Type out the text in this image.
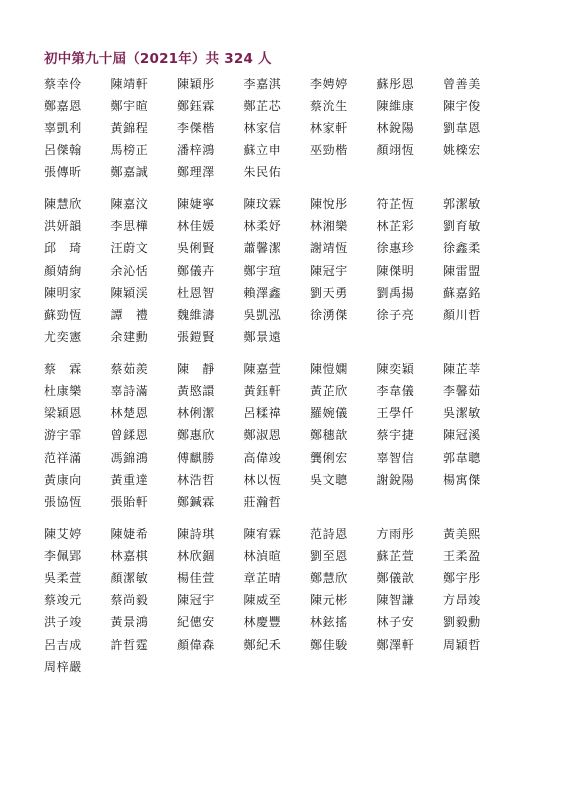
初中第九十屆（2021年）共 324 人
蔡幸伶	陳靖軒	陳穎彤	李嘉淇	李娉婷	蘇彤恩	曾善美
鄭嘉恩	鄭宇暄	鄭鈺霖	鄭芷芯	蔡沇生	陳維康	陳宇俊
辜凱利	黃錦程	李傑楷	林家信	林家軒	林銳陽	劉韋恩
呂傑翰	馬榜正	潘梓鴻	蘇立申	巫勁楷	顏翊恆	姚檪宏
張傳昕	鄭嘉誠	鄭理澤	朱民佑
陳慧欣	陳嘉汶	陳婕寧	陳玟霖	陳悅彤	符芷恆	郭潔敏
洪妍韻	李思樺	林佳媛	林柔妤	林湘樂	林芷彩	劉育敏
邱　琦	汪蔚文	吳俐賢	蕭馨潔	謝靖恆	徐惠珍	徐鑫柔
顏婧絢	余沁恬	鄭儀卉	鄭宇瑄	陳冠宇	陳傑明	陳雷盟
陳明家	陳穎渓	杜恩智	賴澤鑫	劉天勇	劉禹揚	蘇嘉銘
蘇勁恆	譚　禮	魏維濤	吳凱泓	徐湧傑	徐子亮	顏川哲
尤奕憲	余建勳	張鎧賢	鄭景遠
蔡　霖	蔡茹羨	陳　靜	陳嘉萱	陳愷嫻	陳奕穎	陳芷莘
杜康樂	辜詩滿	黃愍譞	黃鈺軒	黃芷欣	李韋儀	李馨茹
梁穎恩	林楚恩	林俐潔	呂糅禕	羅婉儀	王學仟	吳潔敏
游宇霏	曾鍒恩	鄭惠欣	鄭淑恩	鄭穗歆	蔡宇捷	陳冠溪
范祥滿	馮錦鴻	傅麒勝	高偉竣	龔俐宏	辜智信	郭韋聰
黃康向	黃重達	林浩哲	林以恆	吳文聰	謝銳陽	楊寓傑
張協恆	張貽軒	鄭鍼霖	莊瀚哲
陳艾婷	陳婕希	陳詩琪	陳宥霖	范詩恩	方雨彤	黃美熙
李佩郢	林嘉棋	林欣錮	林湞暄	劉至恩	蘇芷萱	王柔盈
吳柔萱	顏潔敏	楊佳萱	章芷晴	鄭慧欣	鄭儀歆	鄭宇彤
蔡竣元	蔡尚毅	陳冠宇	陳威至	陳元彬	陳智謙	方昂竣
洪子竣	黃景鴻	紀僡安	林慶豐	林鉉搖	林子安	劉毅勳
呂吉成	許哲霆	顏偉森	鄭紀禾	鄭佳駿	鄭澤軒	周穎哲
周梓嚴
